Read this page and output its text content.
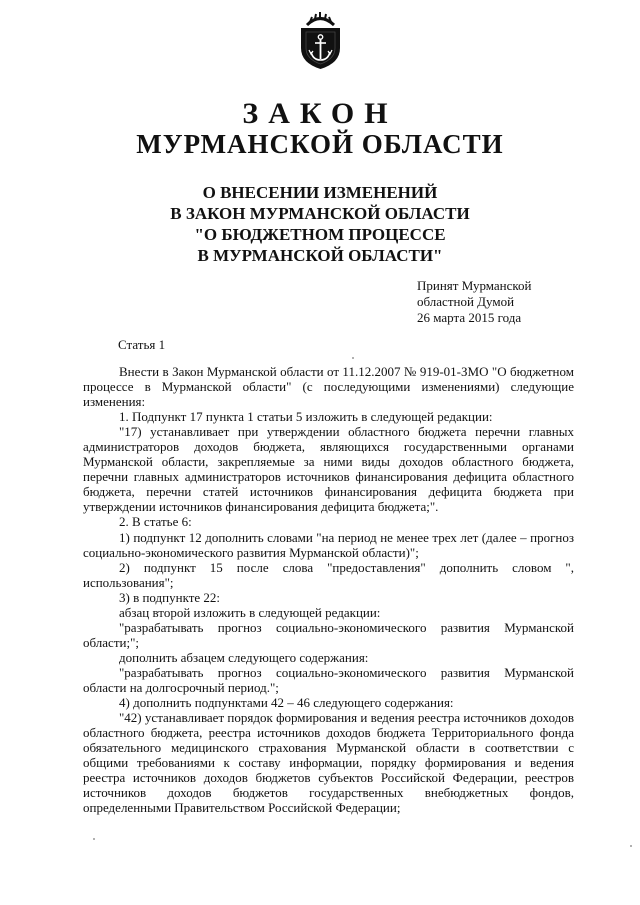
ЗАКОН
МУРМАНСКОЙ ОБЛАСТИ
О ВНЕСЕНИИ ИЗМЕНЕНИЙ
В ЗАКОН МУРМАНСКОЙ ОБЛАСТИ
"О БЮДЖЕТНОМ ПРОЦЕССЕ
В МУРМАНСКОЙ ОБЛАСТИ"
Принят Мурманской
областной Думой
26 марта 2015 года
Статья 1

Внести в Закон Мурманской области от 11.12.2007 № 919-01-ЗМО "О бюджетном процессе в Мурманской области" (с последующими изменениями) следующие изменения:

1. Подпункт 17 пункта 1 статьи 5 изложить в следующей редакции:

"17) устанавливает при утверждении областного бюджета перечни главных администраторов доходов бюджета, являющихся государственными органами Мурманской области, закрепляемые за ними виды доходов областного бюджета, перечни главных администраторов источников финансирования дефицита областного бюджета, перечни статей источников финансирования дефицита бюджета при утверждении источников финансирования дефицита бюджета;".

2. В статье 6:

1) подпункт 12 дополнить словами "на период не менее трех лет (далее – прогноз социально-экономического развития Мурманской области)";

2) подпункт 15 после слова "предоставления" дополнить словом ", использования";

3) в подпункте 22:

абзац второй изложить в следующей редакции:

"разрабатывать прогноз социально-экономического развития Мурманской области;";

дополнить абзацем следующего содержания:

"разрабатывать прогноз социально-экономического развития Мурманской области на долгосрочный период.";

4) дополнить подпунктами 42 – 46 следующего содержания:

"42) устанавливает порядок формирования и ведения реестра источников доходов областного бюджета, реестра источников доходов бюджета Территориального фонда обязательного медицинского страхования Мурманской области в соответствии с общими требованиями к составу информации, порядку формирования и ведения реестра источников доходов бюджетов субъектов Российской Федерации, реестров источников доходов бюджетов государственных внебюджетных фондов, определенными Правительством Российской Федерации;
